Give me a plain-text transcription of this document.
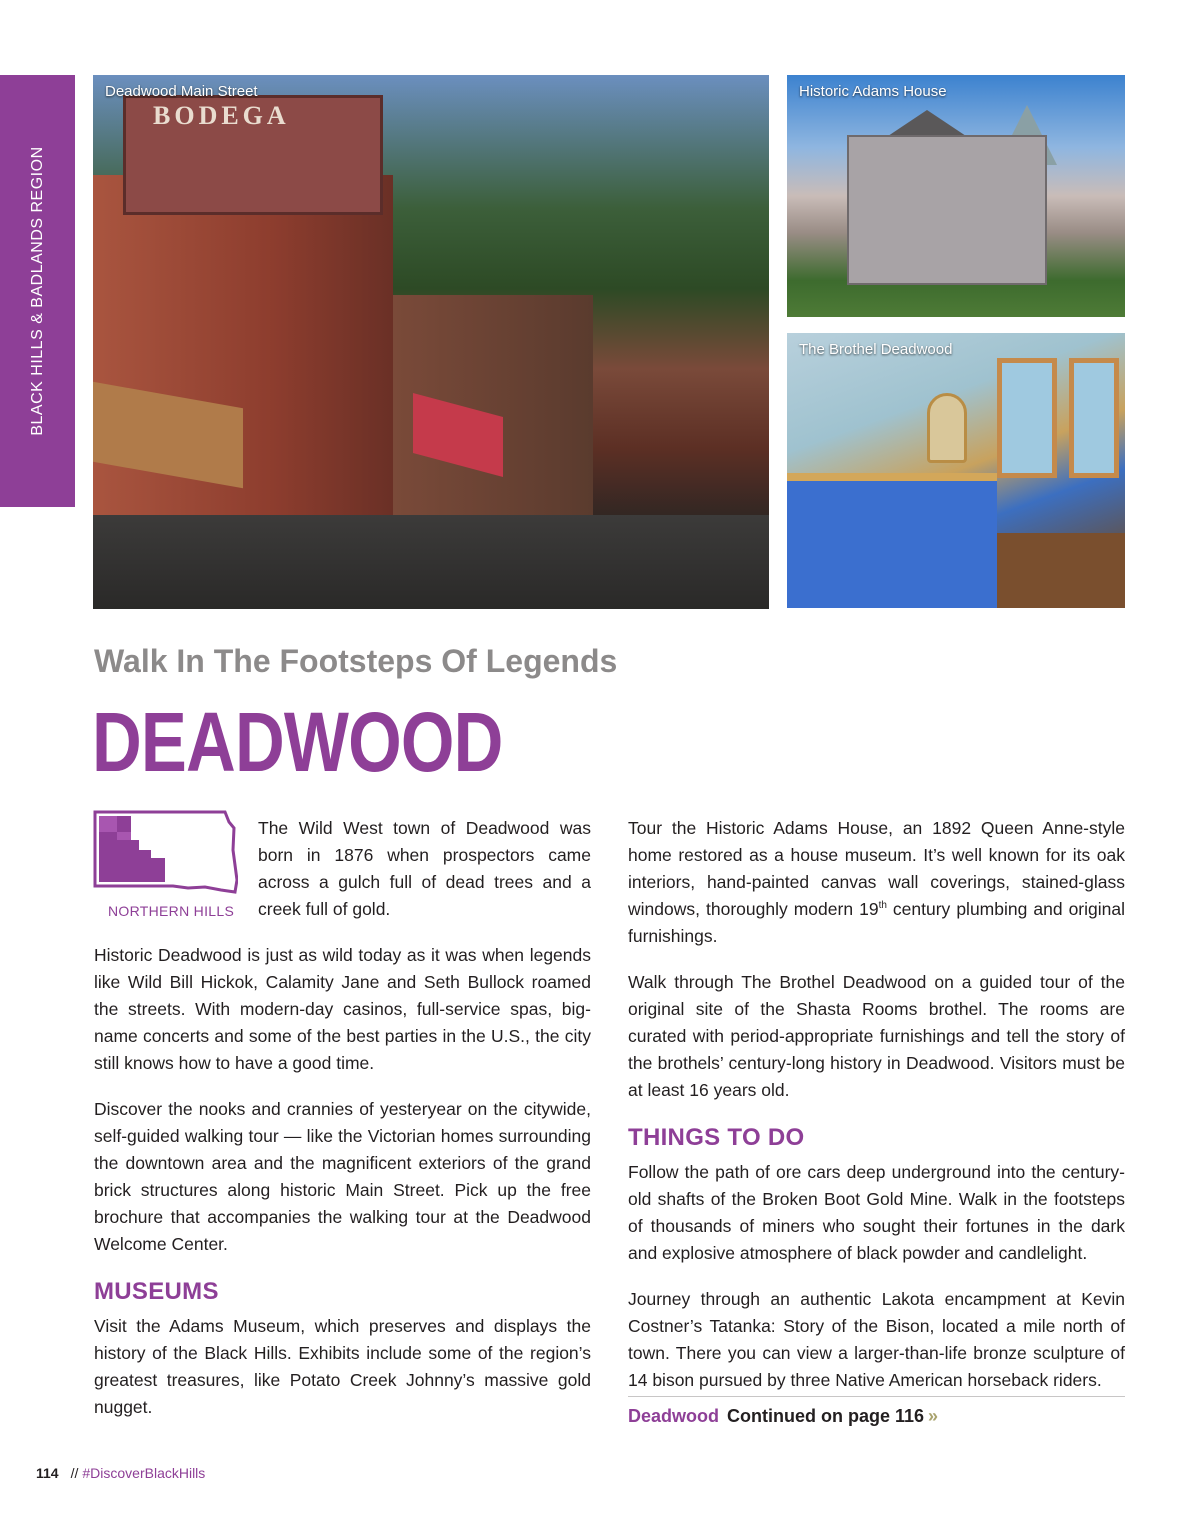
BLACK HILLS & BADLANDS REGION
BODEGA
Deadwood Main Street	Historic Adams House
The Brothel Deadwood
Walk In The Footsteps Of Legends
DEADWOOD
NORTHERN HILLS

The Wild West town of Deadwood was born in 1876 when prospectors came across a gulch full of dead trees and a creek full of gold.

Historic Deadwood is just as wild today as it was when legends like Wild Bill Hickok, Calamity Jane and Seth Bullock roamed the streets. With modern-day casinos, full-service spas, big-name concerts and some of the best parties in the U.S., the city still knows how to have a good time.

Discover the nooks and crannies of yesteryear on the citywide, self-guided walking tour — like the Victorian homes surrounding the downtown area and the magnificent exteriors of the grand brick structures along historic Main Street. Pick up the free brochure that accompanies the walking tour at the Deadwood Welcome Center.

MUSEUMS

Visit the Adams Museum, which preserves and displays the history of the Black Hills. Exhibits include some of the region’s greatest treasures, like Potato Creek Johnny’s massive gold nugget.

Tour the Historic Adams House, an 1892 Queen Anne-style home restored as a house museum. It’s well known for its oak interiors, hand-painted canvas wall coverings, stained-glass windows, thoroughly modern 19th century plumbing and original furnishings.

Walk through The Brothel Deadwood on a guided tour of the original site of the Shasta Rooms brothel. The rooms are curated with period-appropriate furnishings and tell the story of the brothels’ century-long history in Deadwood. Visitors must be at least 16 years old.

THINGS TO DO

Follow the path of ore cars deep underground into the century-old shafts of the Broken Boot Gold Mine. Walk in the footsteps of thousands of miners who sought their fortunes in the dark and explosive atmosphere of black powder and candlelight.

Journey through an authentic Lakota encampment at Kevin Costner’s Tatanka: Story of the Bison, located a mile north of town. There you can view a larger-than-life bronze sculpture of 14 bison pursued by three Native American horseback riders.

Deadwood Continued on page 116 »
114 // #DiscoverBlackHills
